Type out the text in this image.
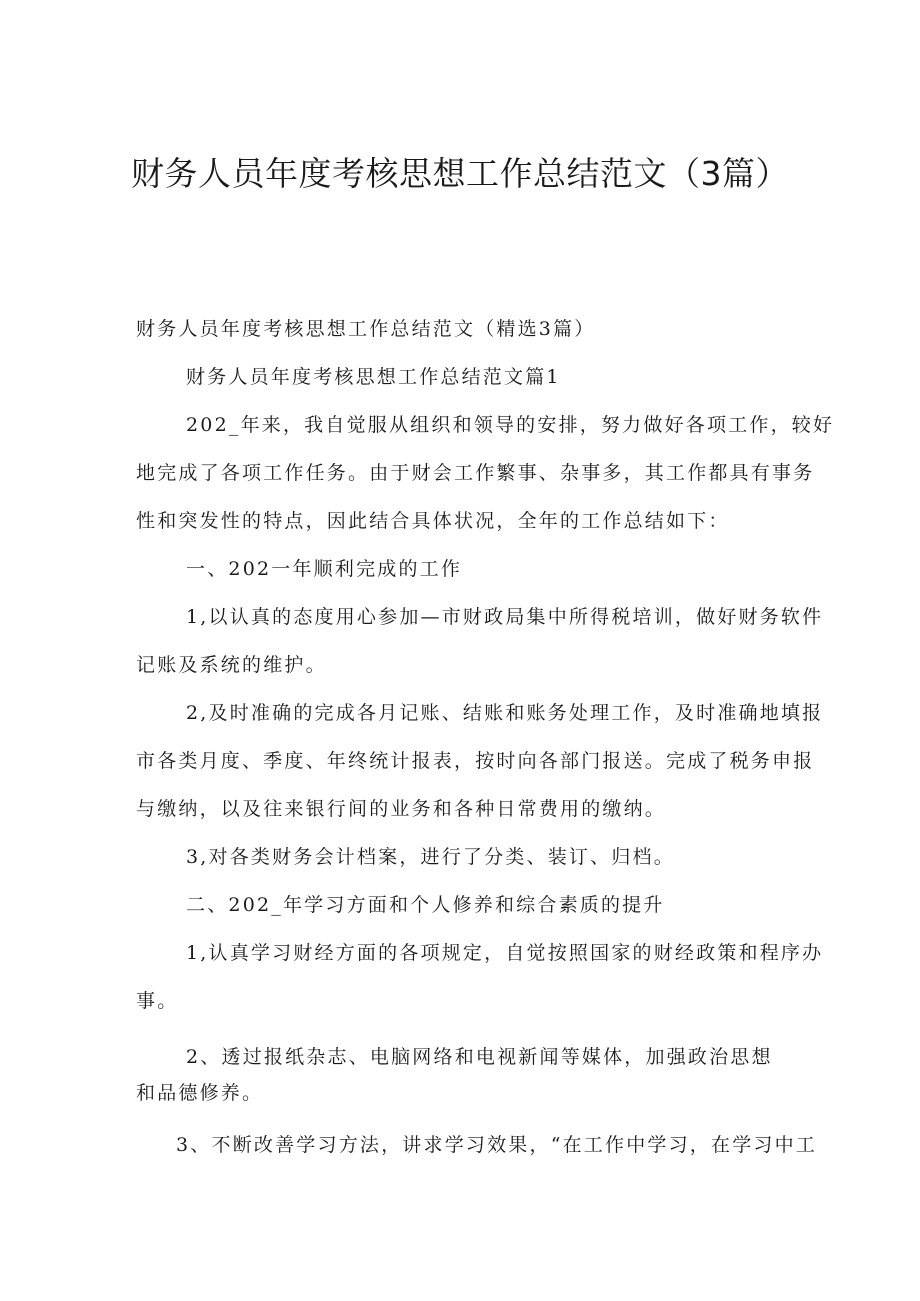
财务人员年度考核思想工作总结范文（3篇）
财务人员年度考核思想工作总结范文（精选3篇）
财务人员年度考核思想工作总结范文篇1
202_年来，我自觉服从组织和领导的安排，努力做好各项工作，较好
地完成了各项工作任务。由于财会工作繁事、杂事多，其工作都具有事务
性和突发性的特点，因此结合具体状况，全年的工作总结如下：
一、202一年顺利完成的工作
1,以认真的态度用心参加—市财政局集中所得税培训，做好财务软件
记账及系统的维护。
2,及时准确的完成各月记账、结账和账务处理工作，及时准确地填报
市各类月度、季度、年终统计报表，按时向各部门报送。完成了税务申报
与缴纳，以及往来银行间的业务和各种日常费用的缴纳。
3,对各类财务会计档案，进行了分类、装订、归档。
二、202_年学习方面和个人修养和综合素质的提升
1,认真学习财经方面的各项规定，自觉按照国家的财经政策和程序办
事。
2、透过报纸杂志、电脑网络和电视新闻等媒体，加强政治思想
和品德修养。
3、不断改善学习方法，讲求学习效果，“在工作中学习，在学习中工
